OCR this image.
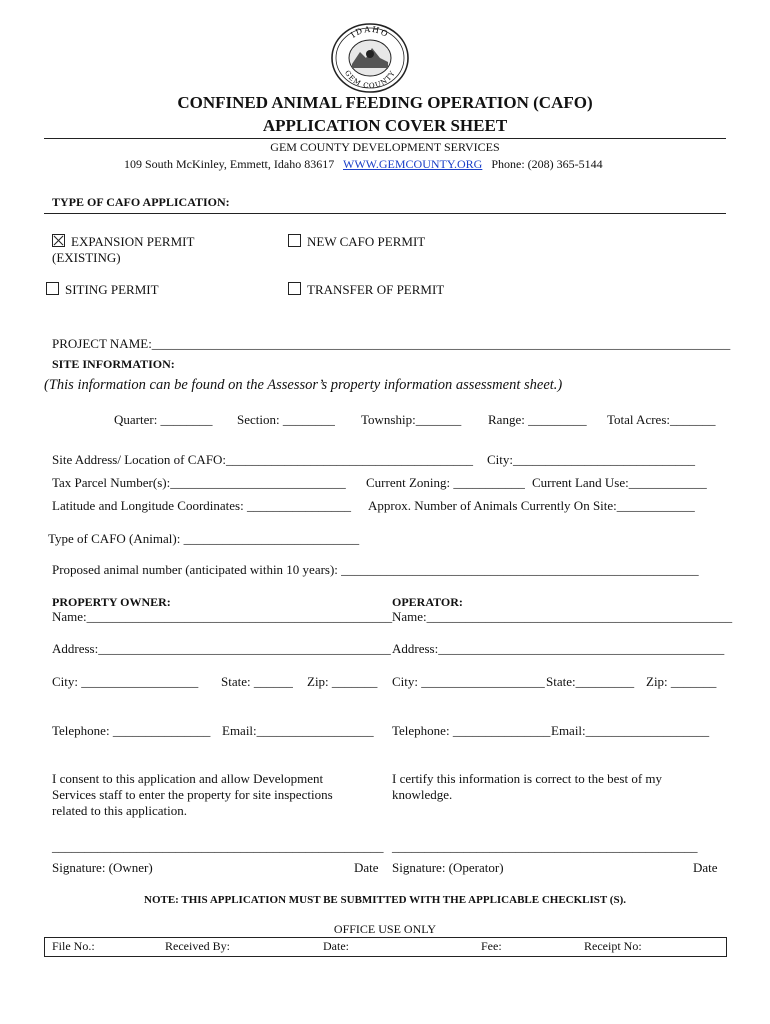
IDAHO
GEM COUNTY
CONFINED ANIMAL FEEDING OPERATION (CAFO)
APPLICATION COVER SHEET
GEM COUNTY DEVELOPMENT SERVICES
109 South McKinley, Emmett, Idaho 83617 WWW.GEMCOUNTY.ORG Phone: (208) 365-5144
TYPE OF CAFO APPLICATION:
EXPANSION PERMIT
(EXISTING)
NEW CAFO PERMIT
SITING PERMIT	TRANSFER OF PERMIT
PROJECT NAME:_________________________________________________________________________________________
SITE INFORMATION:
(This information can be found on the Assessor’s property information assessment sheet.)
Quarter: ________ Section: ________ Township:_______ Range: _________ Total Acres:_______
Site Address/ Location of CAFO:______________________________________ City:____________________________
Tax Parcel Number(s):___________________________ Current Zoning: ___________ Current Land Use:____________
Latitude and Longitude Coordinates: ________________ Approx. Number of Animals Currently On Site:____________
Type of CAFO (Animal): ___________________________
Proposed animal number (anticipated within 10 years): _______________________________________________________
PROPERTY OWNER:
Name:_______________________________________________
OPERATOR:
Name:_______________________________________________
Address:_____________________________________________ Address:____________________________________________
City: __________________ State: ______ Zip: _______ City: ___________________ State:_________ Zip: _______
Telephone: _______________ Email:__________________ Telephone: _______________ Email:___________________
I consent to this application and allow Development
Services staff to enter the property for site inspections
related to this application.
I certify this information is correct to the best of my
knowledge.
___________________________________________________ _______________________________________________
Signature: (Owner)	Date Signature: (Operator)	Date
NOTE: THIS APPLICATION MUST BE SUBMITTED WITH THE APPLICABLE CHECKLIST (S).
OFFICE USE ONLY
File No.:	Received By:	Date:	Fee:	Receipt No:
